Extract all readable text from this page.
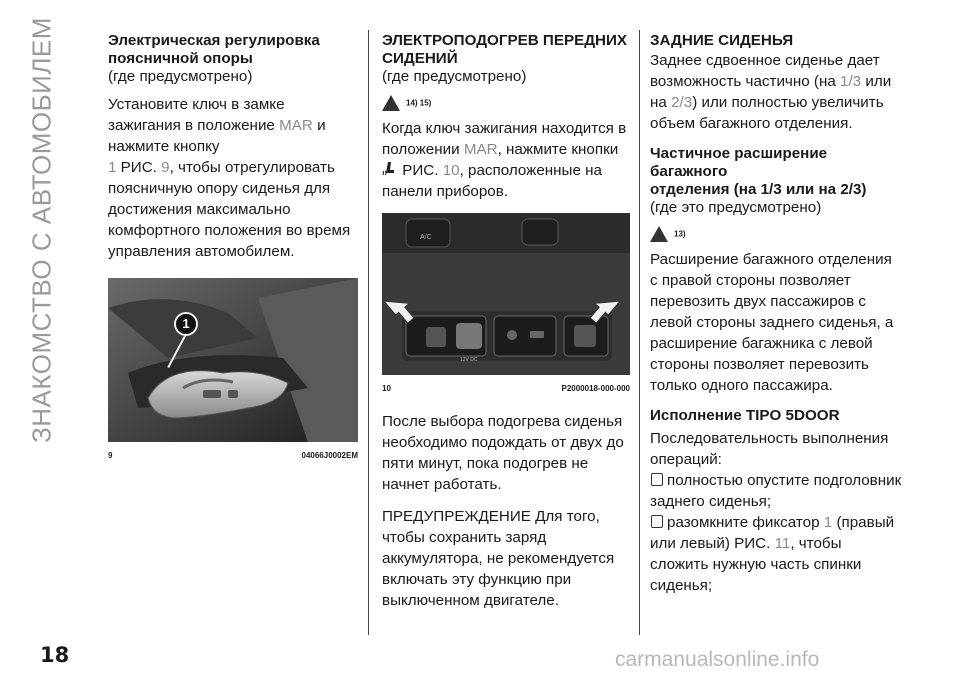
ЗНАКОМСТВО С АВТОМОБИЛЕМ	Электрическая регулировка
поясничной опоры
(где предусмотрено)

Установите ключ в замке зажигания в положение MAR и нажмите кнопку
1 РИС. 9, чтобы отрегулировать поясничную опору сиденья для достижения максимально комфортного положения во время управления автомобилем.

1
9	04066J0002EM
ЭЛЕКТРОПОДОГРЕВ ПЕРЕДНИХ
СИДЕНИЙ
(где предусмотрено)
14) 15)

Когда ключ зажигания находится в положении MAR, нажмите кнопки
РИС. 10, расположенные на панели приборов.

A/C
12V DC
10	P2000018-000-000

После выбора подогрева сиденья необходимо подождать от двух до пяти минут, пока подогрев не начнет работать.

ПРЕДУПРЕЖДЕНИЕ Для того, чтобы сохранить заряд аккумулятора, не рекомендуется включать эту функцию при выключенном двигателе.

ЗАДНИЕ СИДЕНЬЯ

Заднее сдвоенное сиденье дает возможность частично (на 1/3 или на 2/3) или полностью увеличить объем багажного отделения.

Частичное расширение багажного
отделения (на 1/3 или на 2/3)
(где это предусмотрено)
13)

Расширение багажного отделения с правой стороны позволяет перевозить двух пассажиров с левой стороны заднего сиденья, а расширение багажника с левой стороны позволяет перевозить только одного пассажира.

Исполнение TIPO 5DOOR
Последовательность выполнения операций:
полностью опустите подголовник заднего сиденья;
разомкните фиксатор 1 (правый или левый) РИС. 11, чтобы сложить нужную часть спинки сиденья;
18	carmanualsonline.info
